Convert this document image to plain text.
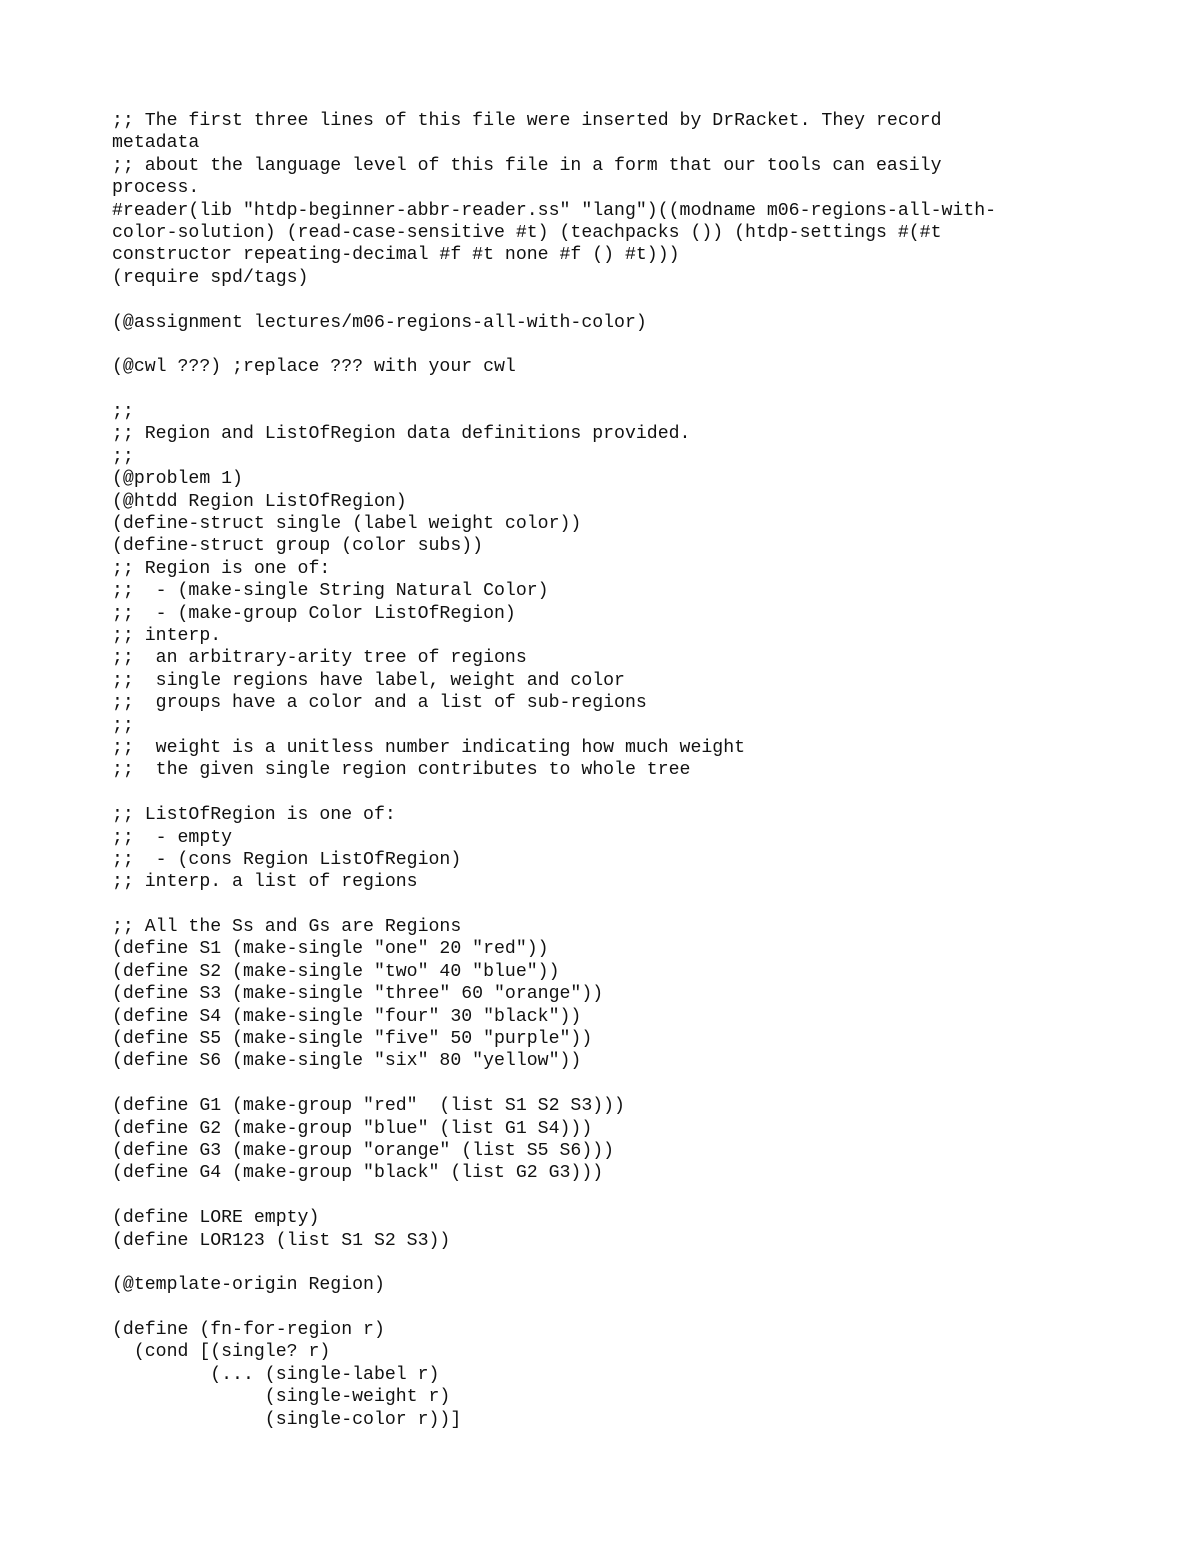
;; The first three lines of this file were inserted by DrRacket. They record
metadata
;; about the language level of this file in a form that our tools can easily
process.
#reader(lib "htdp-beginner-abbr-reader.ss" "lang")((modname m06-regions-all-with-
color-solution) (read-case-sensitive #t) (teachpacks ()) (htdp-settings #(#t
constructor repeating-decimal #f #t none #f () #t)))
(require spd/tags)
(@assignment lectures/m06-regions-all-with-color)
(@cwl ???) ;replace ??? with your cwl
;;
;; Region and ListOfRegion data definitions provided.
;;
(@problem 1)
(@htdd Region ListOfRegion)
(define-struct single (label weight color))
(define-struct group (color subs))
;; Region is one of:
;;  - (make-single String Natural Color)
;;  - (make-group Color ListOfRegion)
;; interp.
;;  an arbitrary-arity tree of regions
;;  single regions have label, weight and color
;;  groups have a color and a list of sub-regions
;;
;;  weight is a unitless number indicating how much weight
;;  the given single region contributes to whole tree
;; ListOfRegion is one of:
;;  - empty
;;  - (cons Region ListOfRegion)
;; interp. a list of regions
;; All the Ss and Gs are Regions
(define S1 (make-single "one" 20 "red"))
(define S2 (make-single "two" 40 "blue"))
(define S3 (make-single "three" 60 "orange"))
(define S4 (make-single "four" 30 "black"))
(define S5 (make-single "five" 50 "purple"))
(define S6 (make-single "six" 80 "yellow"))
(define G1 (make-group "red"  (list S1 S2 S3)))
(define G2 (make-group "blue" (list G1 S4)))
(define G3 (make-group "orange" (list S5 S6)))
(define G4 (make-group "black" (list G2 G3)))
(define LORE empty)
(define LOR123 (list S1 S2 S3))
(@template-origin Region)
(define (fn-for-region r)
(cond [(single? r)
(... (single-label r)
(single-weight r)
(single-color r))]
